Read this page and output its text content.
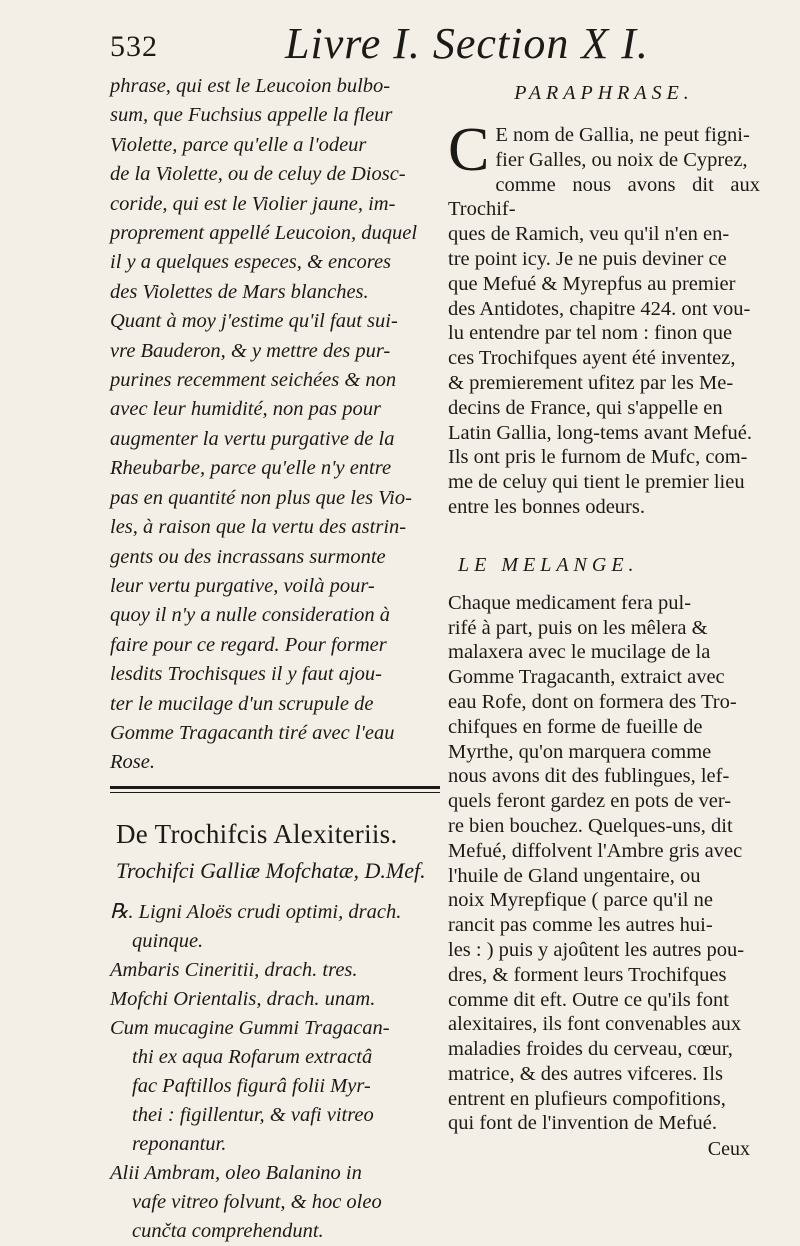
532	Livre I. Section X I.
phrase, qui est le Leucoion bulbo-
sum, que Fuchsius appelle la fleur
Violette, parce qu'elle a l'odeur
de la Violette, ou de celuy de Diosc-
coride, qui est le Violier jaune, im-
proprement appellé Leucoion, duquel
il y a quelques especes, & encores
des Violettes de Mars blanches.
Quant à moy j'estime qu'il faut sui-
vre Bauderon, & y mettre des pur-
purines recemment seichées & non
avec leur humidité, non pas pour
augmenter la vertu purgative de la
Rheubarbe, parce qu'elle n'y entre
pas en quantité non plus que les Vio-
les, à raison que la vertu des astrin-
gents ou des incrassans surmonte
leur vertu purgative, voilà pour-
quoy il n'y a nulle consideration à
faire pour ce regard. Pour former
lesdits Trochisques il y faut ajou-
ter le mucilage d'un scrupule de
Gomme Tragacanth tiré avec l'eau
Rose.
De Trochifcis Alexiteriis.
Trochifci Galliæ Mofchatæ, D.Mef.
℞. Ligni Aloës crudi optimi, drach.
quinque.
Ambaris Cineritii, drach. tres.
Mofchi Orientalis, drach. unam.
Cum mucagine Gummi Tragacan-
thi ex aqua Rofarum extractâ
fac Paftillos figurâ folii Myr-
thei : figillentur, & vafi vitreo
reponantur.
Alii Ambram, oleo Balanino in
vafe vitreo folvunt, & hoc oleo
cunčta comprehendunt.
PARAPHRASE.
C E nom de Gallia, ne peut figni-
fier Galles, ou noix de Cyprez,
comme nous avons dit aux Trochif-
ques de Ramich, veu qu'il n'en en-
tre point icy. Je ne puis deviner ce
que Mefué & Myrepfus au premier
des Antidotes, chapitre 424. ont vou-
lu entendre par tel nom : finon que
ces Trochifques ayent été inventez,
& premierement ufitez par les Me-
decins de France, qui s'appelle en
Latin Gallia, long-tems avant Mefué.
Ils ont pris le furnom de Mufc, com-
me de celuy qui tient le premier lieu
entre les bonnes odeurs.
LE MELANGE.
Chaque medicament fera pul-
rifé à part, puis on les mêlera &
malaxera avec le mucilage de la
Gomme Tragacanth, extraict avec
eau Rofe, dont on formera des Tro-
chifques en forme de fueille de
Myrthe, qu'on marquera comme
nous avons dit des fublingues, lef-
quels feront gardez en pots de ver-
re bien bouchez. Quelques-uns, dit
Mefué, diffolvent l'Ambre gris avec
l'huile de Gland ungentaire, ou
noix Myrepfique ( parce qu'il ne
rancit pas comme les autres hui-
les : ) puis y ajoûtent les autres pou-
dres, & forment leurs Trochifques
comme dit eft. Outre ce qu'ils font
alexitaires, ils font convenables aux
maladies froides du cerveau, cœur,
matrice, & des autres vifceres. Ils
entrent en plufieurs compofitions,
qui font de l'invention de Mefué.
Ceux
